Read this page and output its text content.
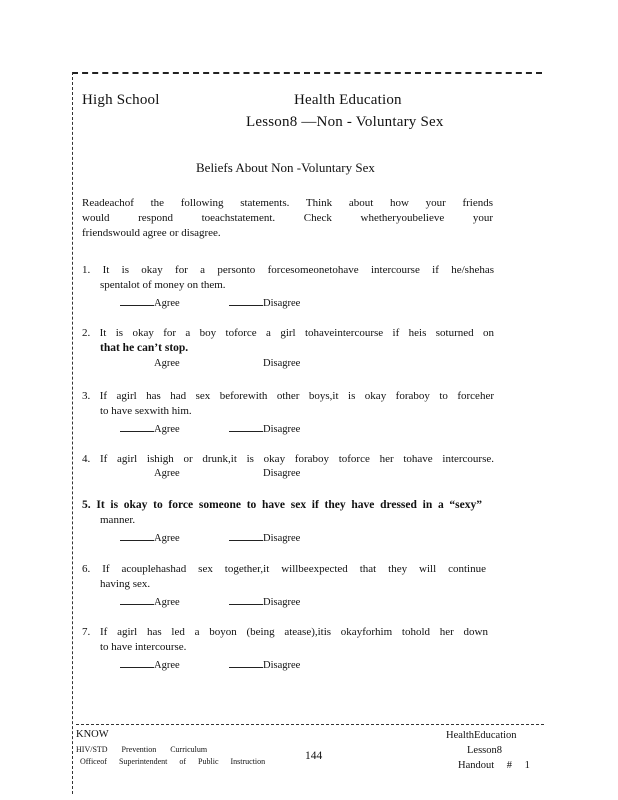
High School	Health Education
Lesson8 —Non - Voluntary Sex
Beliefs About Non -Voluntary Sex
Readeachof the following statements. Think about how your friends
would respond toeachstatement. Check whetheryoubelieve your
friendswould agree or disagree.
1. It is okay for a personto forcesomeonetohave intercourse if he/shehas
spentalot of money on them.
Agree	Disagree
2. It is okay for a boy toforce a girl tohaveintercourse if heis soturned on
that he can’t stop.
Agree	Disagree
3. If agirl has had sex beforewith other boys,it is okay foraboy to forceher
to have sexwith him.
Agree	Disagree
4. If agirl ishigh or drunk,it is okay foraboy toforce her tohave intercourse.
Agree	Disagree
5. It is okay to force someone to have sex if they have dressed in a “sexy”
manner.
Agree	Disagree
6. If acouplehashad sex together,it willbeexpected that they will continue
having sex.
Agree	Disagree
7. If agirl has led a boyon (being atease),itis okayforhim tohold her down
to have intercourse.
Agree	Disagree
KNOW
HIV/STD Prevention Curriculum
Officeof Superintendent of Public Instruction	144
HealthEducation
Lesson8
Handout # 1
